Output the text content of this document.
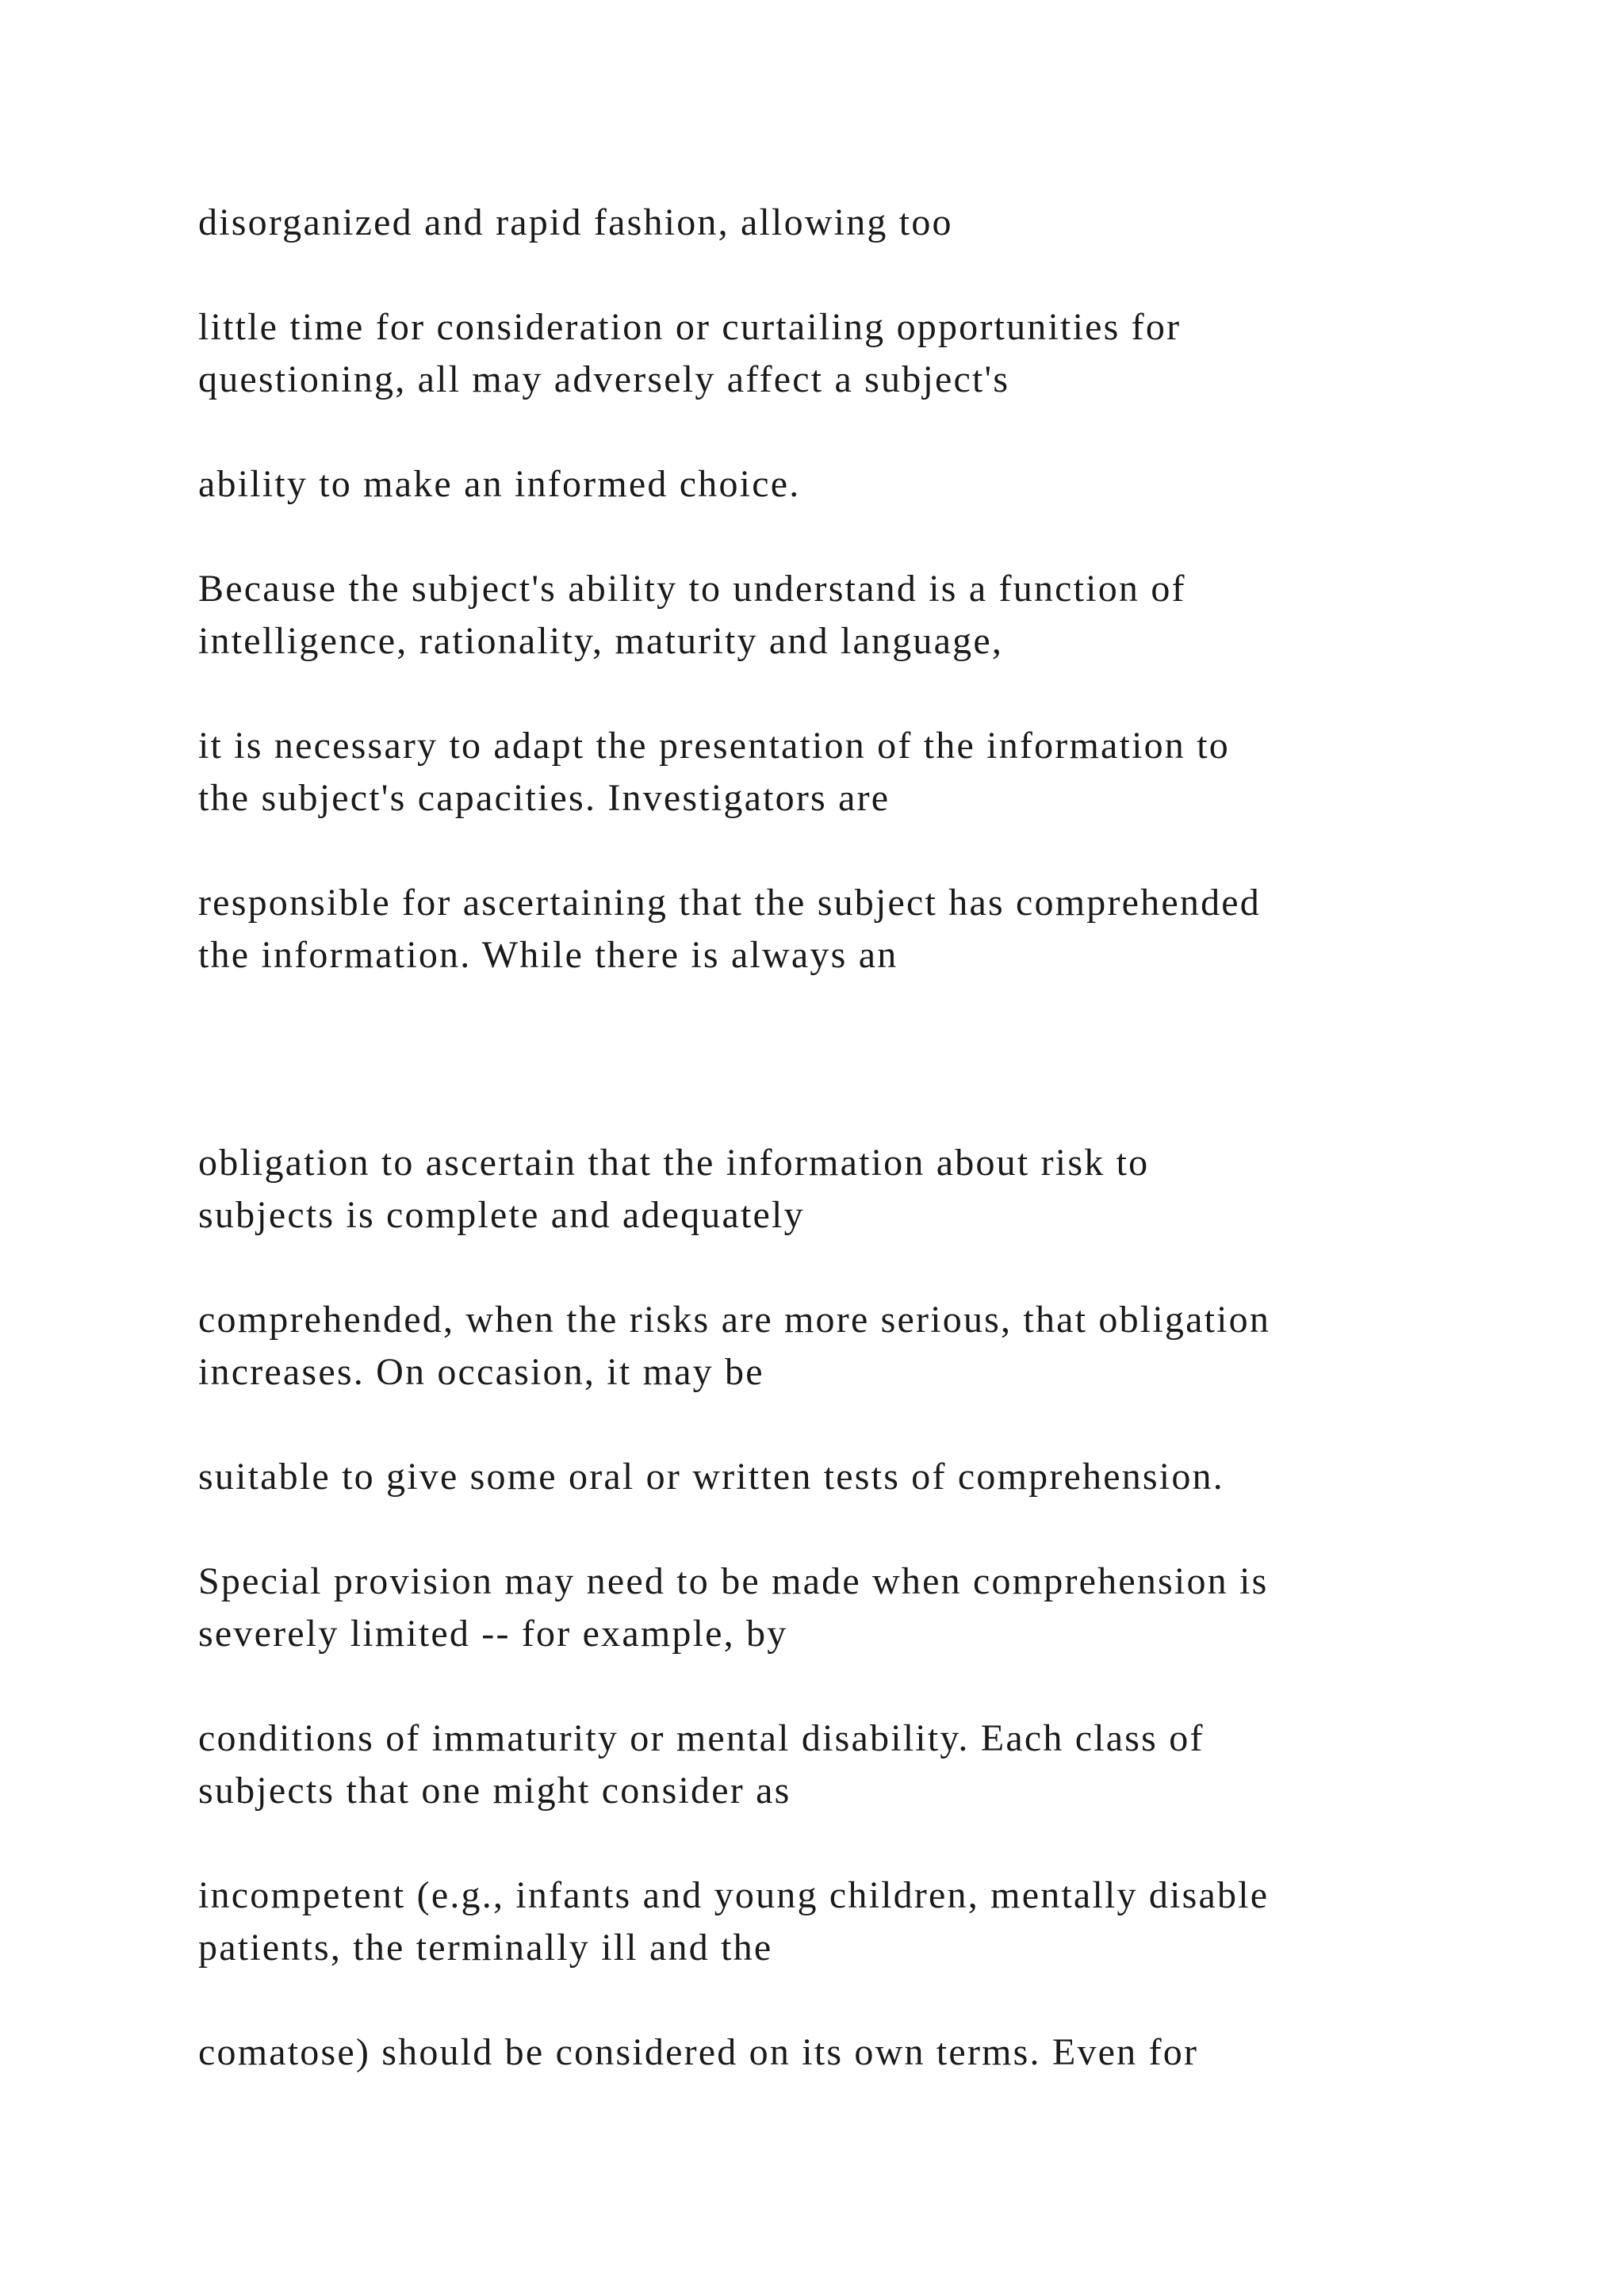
disorganized and rapid fashion, allowing too

little time for consideration or curtailing opportunities for
questioning, all may adversely affect a subject's

ability to make an informed choice.

Because the subject's ability to understand is a function of
intelligence, rationality, maturity and language,

it is necessary to adapt the presentation of the information to
the subject's capacities. Investigators are

responsible for ascertaining that the subject has comprehended
the information. While there is always an

obligation to ascertain that the information about risk to
subjects is complete and adequately

comprehended, when the risks are more serious, that obligation
increases. On occasion, it may be

suitable to give some oral or written tests of comprehension.

Special provision may need to be made when comprehension is
severely limited -- for example, by

conditions of immaturity or mental disability. Each class of
subjects that one might consider as

incompetent (e.g., infants and young children, mentally disable
patients, the terminally ill and the

comatose) should be considered on its own terms. Even for
